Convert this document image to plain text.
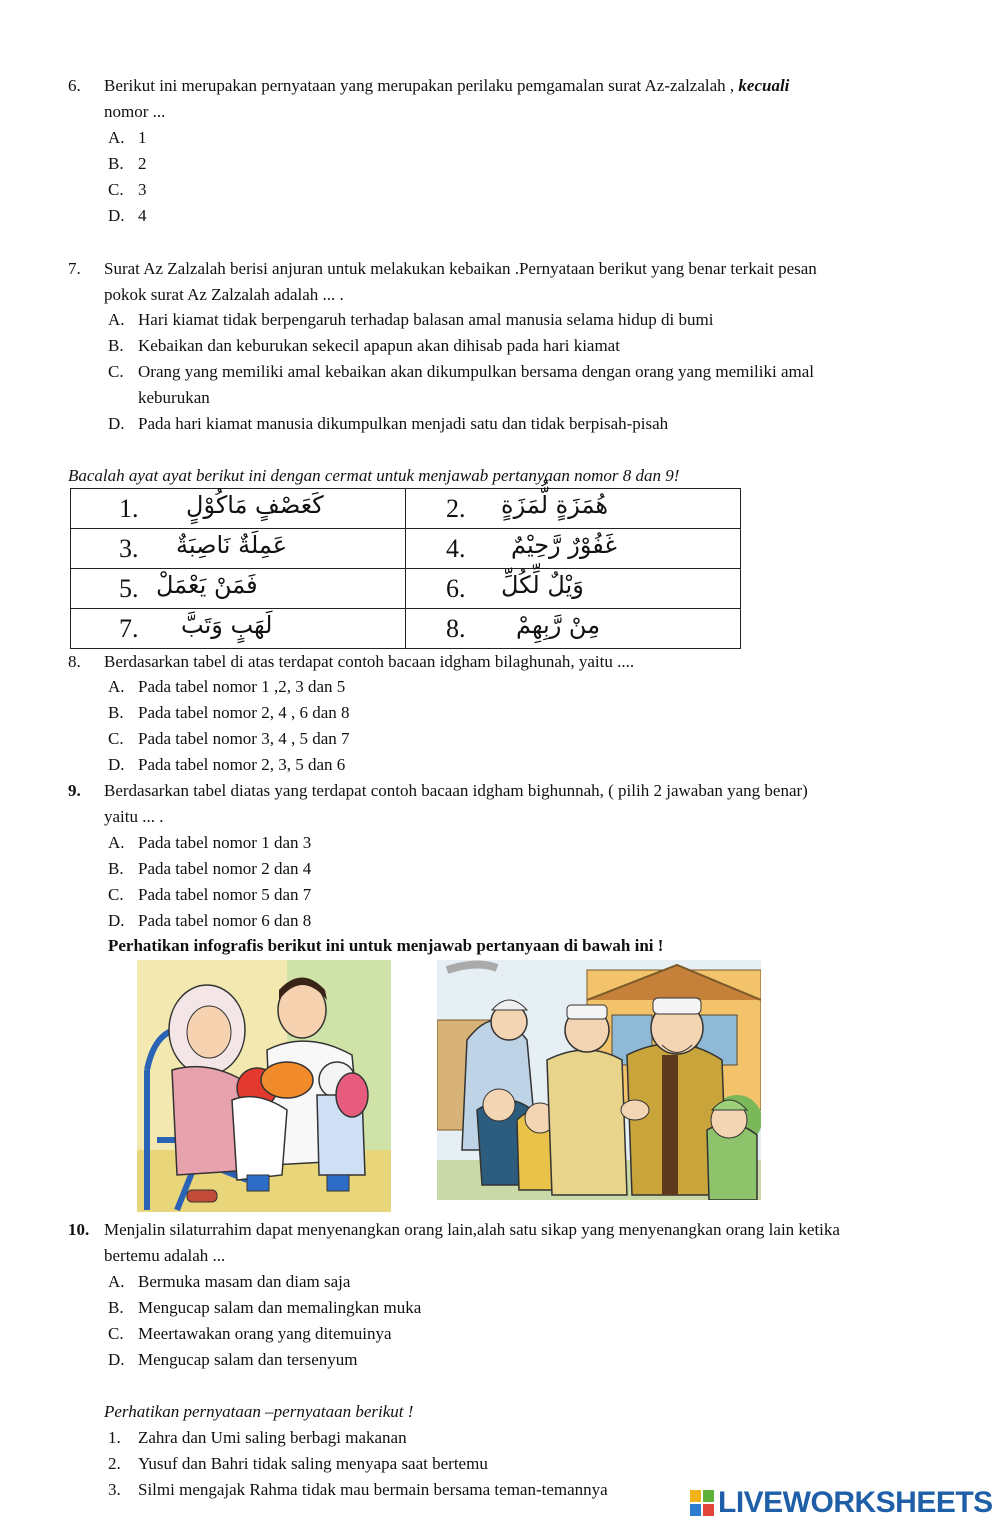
6. Berikut ini merupakan pernyataan yang merupakan perilaku pemgamalan surat Az-zalzalah , kecuali
nomor ...
A. 1
B. 2
C. 3
D. 4
7. Surat Az Zalzalah berisi anjuran untuk melakukan kebaikan .Pernyataan berikut yang benar terkait pesan
pokok surat Az Zalzalah adalah ... .
A. Hari kiamat tidak berpengaruh terhadap balasan amal manusia selama hidup di bumi
B. Kebaikan dan keburukan sekecil apapun akan dihisab pada hari kiamat
C. Orang yang memiliki amal kebaikan akan dikumpulkan bersama dengan orang yang memiliki amal
keburukan
D. Pada hari kiamat manusia dikumpulkan menjadi satu dan tidak berpisah-pisah
Bacalah ayat ayat berikut ini dengan cermat untuk menjawab pertanyaan nomor 8 dan 9!
1. كَعَصْفٍ مَاكُوْلٍ	2. هُمَزَةٍ لُّمَزَةٍ

3. عَمِلَةٌ نَاصِبَةٌ	4. غَفُوْرٌ رَّحِيْمٌ

5. فَمَنْ يَعْمَلْ	6. وَيْلٌ لِّكُلِّ

7. لَهَبٍ وَتَبَّ	8. مِنْ رَّبِهِمْ
8. Berdasarkan tabel di atas terdapat contoh bacaan idgham bilaghunah, yaitu ....
A. Pada tabel nomor 1 ,2, 3 dan 5
B. Pada tabel nomor 2, 4 , 6 dan 8
C. Pada tabel nomor 3, 4 , 5 dan 7
D. Pada tabel nomor 2, 3, 5 dan 6
9. Berdasarkan tabel diatas yang terdapat contoh bacaan idgham bighunnah, ( pilih 2 jawaban yang benar)
yaitu ... .
A. Pada tabel nomor 1 dan 3
B. Pada tabel nomor 2 dan 4
C. Pada tabel nomor 5 dan 7
D. Pada tabel nomor 6 dan 8
Perhatikan infografis berikut ini untuk menjawab pertanyaan di bawah ini !
10. Menjalin silaturrahim dapat menyenangkan orang lain,alah satu sikap yang menyenangkan orang lain ketika
bertemu adalah ...
A. Bermuka masam dan diam saja
B. Mengucap salam dan memalingkan muka
C. Meertawakan orang yang ditemuinya
D. Mengucap salam dan tersenyum
Perhatikan pernyataan –pernyataan berikut !
1. Zahra dan Umi saling berbagi makanan
2. Yusuf dan Bahri tidak saling menyapa saat bertemu
3. Silmi mengajak Rahma tidak mau bermain bersama teman-temannya	LIVEWORKSHEETS
